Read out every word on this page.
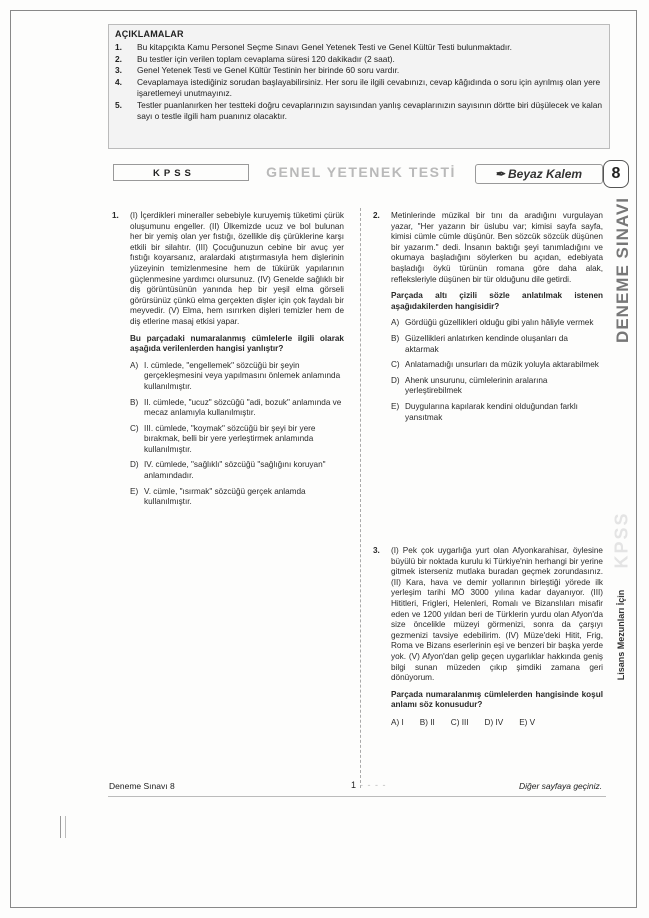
AÇIKLAMALAR
1.	Bu kitapçıkta Kamu Personel Seçme Sınavı Genel Yetenek Testi ve Genel Kültür Testi bulunmaktadır.
2.	Bu testler için verilen toplam cevaplama süresi 120 dakikadır (2 saat).
3.	Genel Yetenek Testi ve Genel Kültür Testinin her birinde 60 soru vardır.
4.	Cevaplamaya istediğiniz sorudan başlayabilirsiniz. Her soru ile ilgili cevabınızı, cevap kâğıdında o soru için ayrılmış olan yere işaretlemeyi unutmayınız.
5.	Testler puanlanırken her testteki doğru cevaplarınızın sayısından yanlış cevaplarınızın sayısının dörtte biri düşülecek ve kalan sayı o testle ilgili ham puanınız olacaktır.
KPSS	GENEL YETENEK TESTİ	✒ Beyaz Kalem	8
DENEME SINAVI
KPSS
Lisans Mezunları İçin
1. (I) İçerdikleri mineraller sebebiyle kuruyemiş tüketimi çürük oluşumunu engeller. (II) Ülkemizde ucuz ve bol bulunan her bir yemiş olan yer fıstığı, özellikle diş çürüklerine karşı etkili bir silahtır. (III) Çocuğunuzun cebine bir avuç yer fıstığı koyarsanız, aralardaki atıştırmasıyla hem dişlerinin yüzeyinin temizlenmesine hem de tükürük yapılarının güçlenmesine yardımcı olursunuz. (IV) Genelde sağlıklı bir diş görüntüsünün yanında hep bir yeşil elma görseli görürsünüz çünkü elma gerçekten dişler için çok faydalı bir meyvedir. (V) Elma, hem ısırırken dişleri temizler hem de diş etlerine masaj etkisi yapar.

Bu parçadaki numaralanmış cümlelerle ilgili olarak aşağıda verilenlerden hangisi yanlıştır?

A) I. cümlede, "engellemek" sözcüğü bir şeyin gerçekleşmesini veya yapılmasını önlemek anlamında kullanılmıştır.
B) II. cümlede, "ucuz" sözcüğü "adi, bozuk" anlamında ve mecaz anlamıyla kullanılmıştır.
C) III. cümlede, "koymak" sözcüğü bir şeyi bir yere bırakmak, belli bir yere yerleştirmek anlamında kullanılmıştır.
D) IV. cümlede, "sağlıklı" sözcüğü "sağlığını koruyan" anlamındadır.
E) V. cümle, "ısırmak" sözcüğü gerçek anlamda kullanılmıştır.
2. Metinlerinde müzikal bir tını da aradığını vurgulayan yazar, "Her yazarın bir üslubu var; kimisi sayfa sayfa, kimisi cümle cümle düşünür. Ben sözcük sözcük düşünen bir yazarım." dedi. İnsanın baktığı şeyi tanımladığını ve okumaya başladığını söylerken bu açıdan, edebiyata başladığı öykü türünün romana göre daha alak, refleksleriyle düşünen bir tür olduğunu dile getirdi.

Parçada altı çizili sözle anlatılmak istenen aşağıdakilerden hangisidir?

A) Gördüğü güzellikleri olduğu gibi yalın hâliyle vermek
B) Güzellikleri anlatırken kendinde oluşanları da aktarmak
C) Anlatamadığı unsurları da müzik yoluyla aktarabilmek
D) Ahenk unsurunu, cümlelerinin aralarına yerleştirebilmek
E) Duygularına kapılarak kendini olduğundan farklı yansıtmak
3. (I) Pek çok uygarlığa yurt olan Afyonkarahisar, öylesine büyülü bir noktada kurulu ki Türkiye'nin herhangi bir yerine gitmek isterseniz mutlaka buradan geçmek zorundasınız. (II) Kara, hava ve demir yollarının birleştiği yörede ilk yerleşim tarihi MÖ 3000 yılına kadar dayanıyor. (III) Hititleri, Frigleri, Helenleri, Romalı ve Bizanslıları misafir eden ve 1200 yıldan beri de Türklerin yurdu olan Afyon'da size öncelikle müzeyi görmenizi, sonra da çarşıyı gezmenizi tavsiye edebilirim. (IV) Müze'deki Hitit, Frig, Roma ve Bizans eserlerinin eşi ve benzeri bir başka yerde yok. (V) Afyon'dan gelip geçen uygarlıklar hakkında geniş bilgi sunan müzeden çıkıp şimdiki zamana geri dönüyorum.

Parçada numaralanmış cümlelerden hangisinde koşul anlamı söz konusudur?

A) I B) II C) III D) IV E) V
Deneme Sınavı 8	1 - - - -	Diğer sayfaya geçiniz.
